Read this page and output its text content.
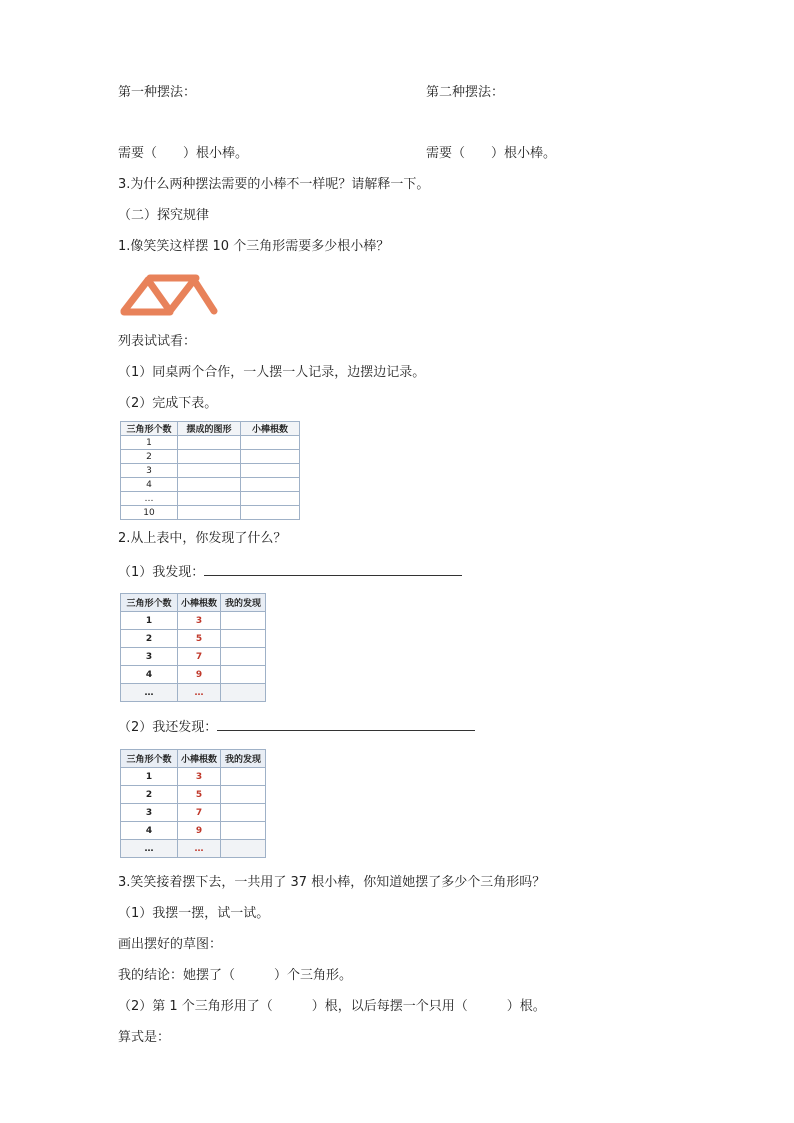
第一种摆法：	第二种摆法：
需要（　　）根小棒。	需要（　　）根小棒。
3.为什么两种摆法需要的小棒不一样呢？请解释一下。
（二）探究规律
1.像笑笑这样摆 10 个三角形需要多少根小棒？
列表试试看：
（1）同桌两个合作，一人摆一人记录，边摆边记录。
（2）完成下表。
三角形个数	摆成的图形	小棒根数
1		
2		
3		
4		
…		
10		
2.从上表中，你发现了什么？
（1）我发现：
三角形个数	小棒根数	我的发现
1	3	
2	5	
3	7	
4	9	
…	…	
（2）我还发现：
三角形个数	小棒根数	我的发现
1	3	
2	5	
3	7	
4	9	
…	…	
3.笑笑接着摆下去，一共用了 37 根小棒，你知道她摆了多少个三角形吗？
（1）我摆一摆，试一试。
画出摆好的草图：
我的结论：她摆了（　　　）个三角形。
（2）第 1 个三角形用了（　　　）根，以后每摆一个只用（　　　）根。
算式是：
